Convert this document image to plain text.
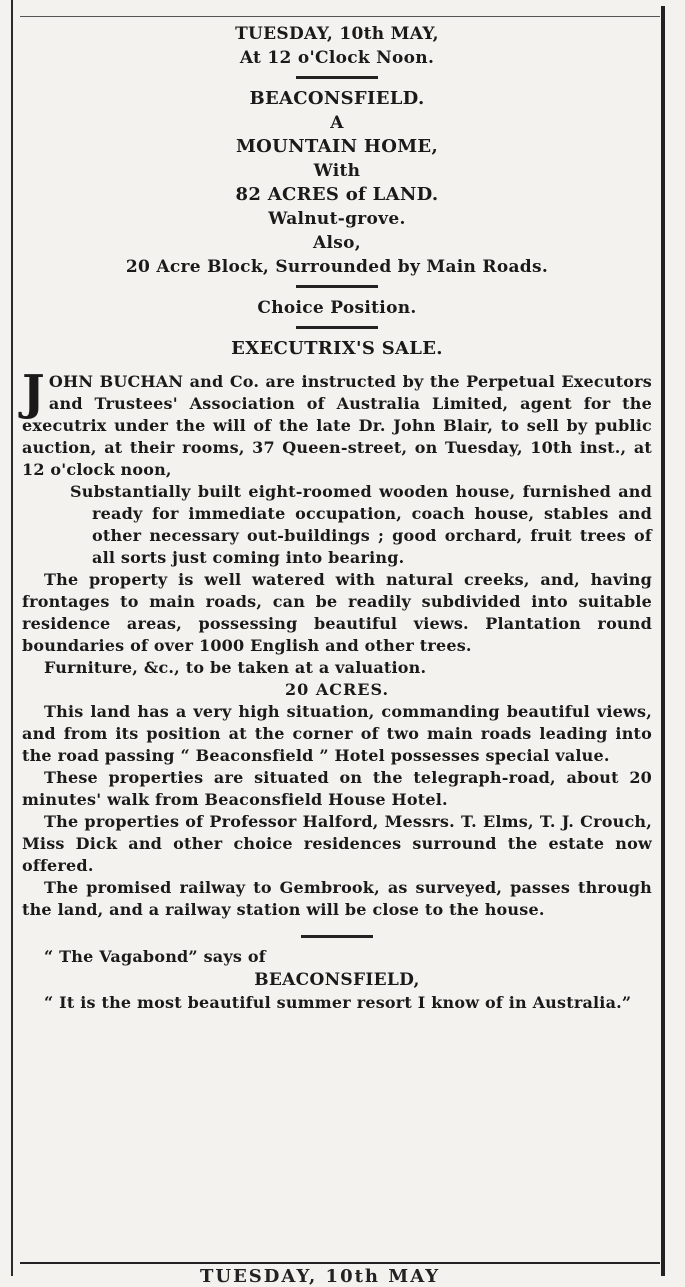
TUESDAY, 10th MAY,
At 12 o'Clock Noon.
BEACONSFIELD.
A
MOUNTAIN HOME,
With
82 ACRES of LAND.
Walnut-grove.
Also,
20 Acre Block, Surrounded by Main Roads.
Choice Position.
EXECUTRIX'S SALE.

JOHN BUCHAN and Co. are instructed by the Perpetual Executors and Trustees' Association of Australia Limited, agent for the executrix under the will of the late Dr. John Blair, to sell by public auction, at their rooms, 37 Queen-street, on Tuesday, 10th inst., at 12 o'clock noon,

Substantially built eight-roomed wooden house, furnished and ready for immediate occupation, coach house, stables and other necessary out-buildings ; good orchard, fruit trees of all sorts just coming into bearing.

The property is well watered with natural creeks, and, having frontages to main roads, can be readily subdivided into suitable residence areas, possessing beautiful views. Plantation round boundaries of over 1000 English and other trees.

Furniture, &c., to be taken at a valuation.

20 ACRES.

This land has a very high situation, commanding beautiful views, and from its position at the corner of two main roads leading into the road passing “ Beaconsfield ” Hotel possesses special value.

These properties are situated on the telegraph-road, about 20 minutes' walk from Beaconsfield House Hotel.

The properties of Professor Halford, Messrs. T. Elms, T. J. Crouch, Miss Dick and other choice residences surround the estate now offered.

The promised railway to Gembrook, as surveyed, passes through the land, and a railway station will be close to the house.

“ The Vagabond” says of

BEACONSFIELD,

“ It is the most beautiful summer resort I know of in Australia.”

TUESDAY, 10th MAY
